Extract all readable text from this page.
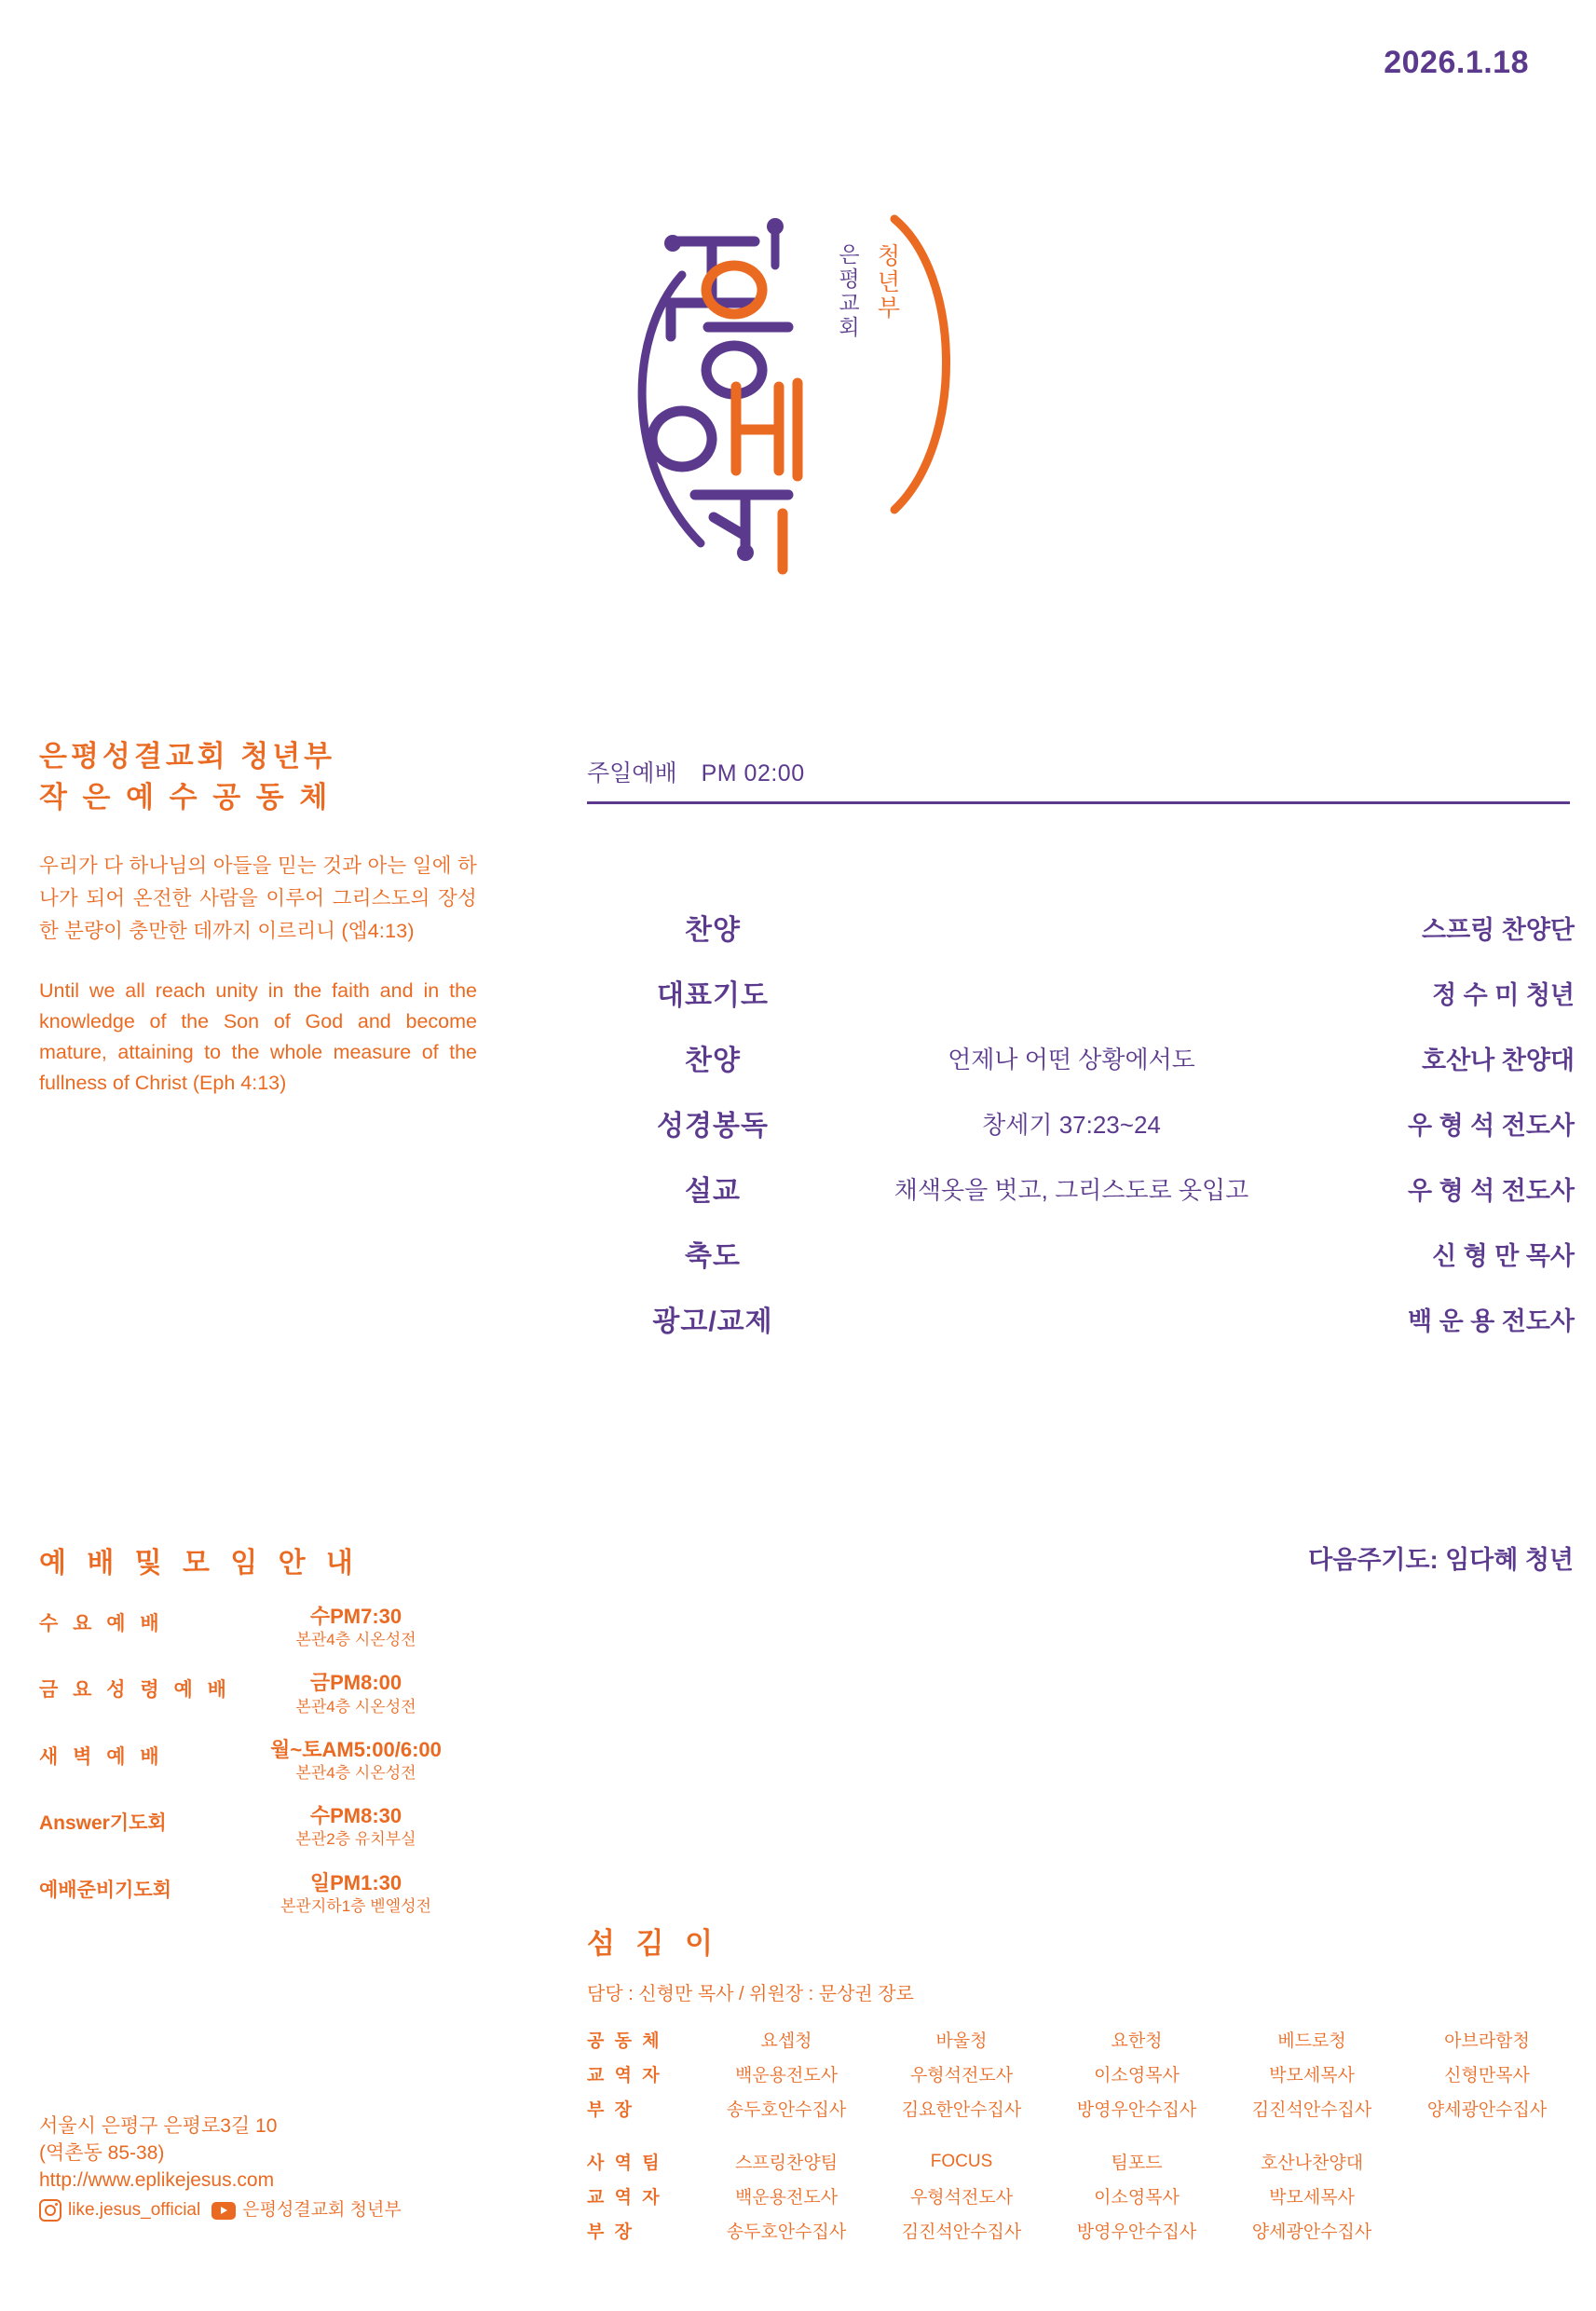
2026.1.18
은평교회 청년부
은평성결교회 청년부
작 은 예 수 공 동 체
우리가 다 하나님의 아들을 믿는 것과 아는 일에 하나가 되어 온전한 사람을 이루어 그리스도의 장성한 분량이 충만한 데까지 이르리니 (엡4:13)
Until we all reach unity in the faith and in the knowledge of the Son of God and become mature, attaining to the whole measure of the fullness of Christ (Eph 4:13)
예 배 및 모 임 안 내
수 요 예 배	수PM7:30
본관4층 시온성전
금 요 성 령 예 배	금PM8:00
본관4층 시온성전
새 벽 예 배	월~토AM5:00/6:00
본관4층 시온성전
Answer기도회	수PM8:30
본관2층 유치부실
예배준비기도회	일PM1:30
본관지하1층 벧엘성전
서울시 은평구 은평로3길 10
(역촌동 85-38)
http://www.eplikejesus.com
like.jesus_official 은평성결교회 청년부
주일예배 PM 02:00
찬양		스프링 찬양단
대표기도		정 수 미 청년
찬양	언제나 어떤 상황에서도	호산나 찬양대
성경봉독	창세기 37:23~24	우 형 석 전도사
설교	채색옷을 벗고, 그리스도로 옷입고	우 형 석 전도사
축도		신 형 만 목사
광고/교제		백 운 용 전도사
다음주기도: 임다혜 청년
섬 김 이
담당 : 신형만 목사 / 위원장 : 문상권 장로
공 동 체	요셉청	바울청	요한청	베드로청	아브라함청
교 역 자	백운용전도사	우형석전도사	이소영목사	박모세목사	신형만목사
부 장	송두호안수집사	김요한안수집사	방영우안수집사	김진석안수집사	양세광안수집사

사 역 팀	스프링찬양팀	FOCUS	팀포드	호산나찬양대	
교 역 자	백운용전도사	우형석전도사	이소영목사	박모세목사	
부 장	송두호안수집사	김진석안수집사	방영우안수집사	양세광안수집사	
